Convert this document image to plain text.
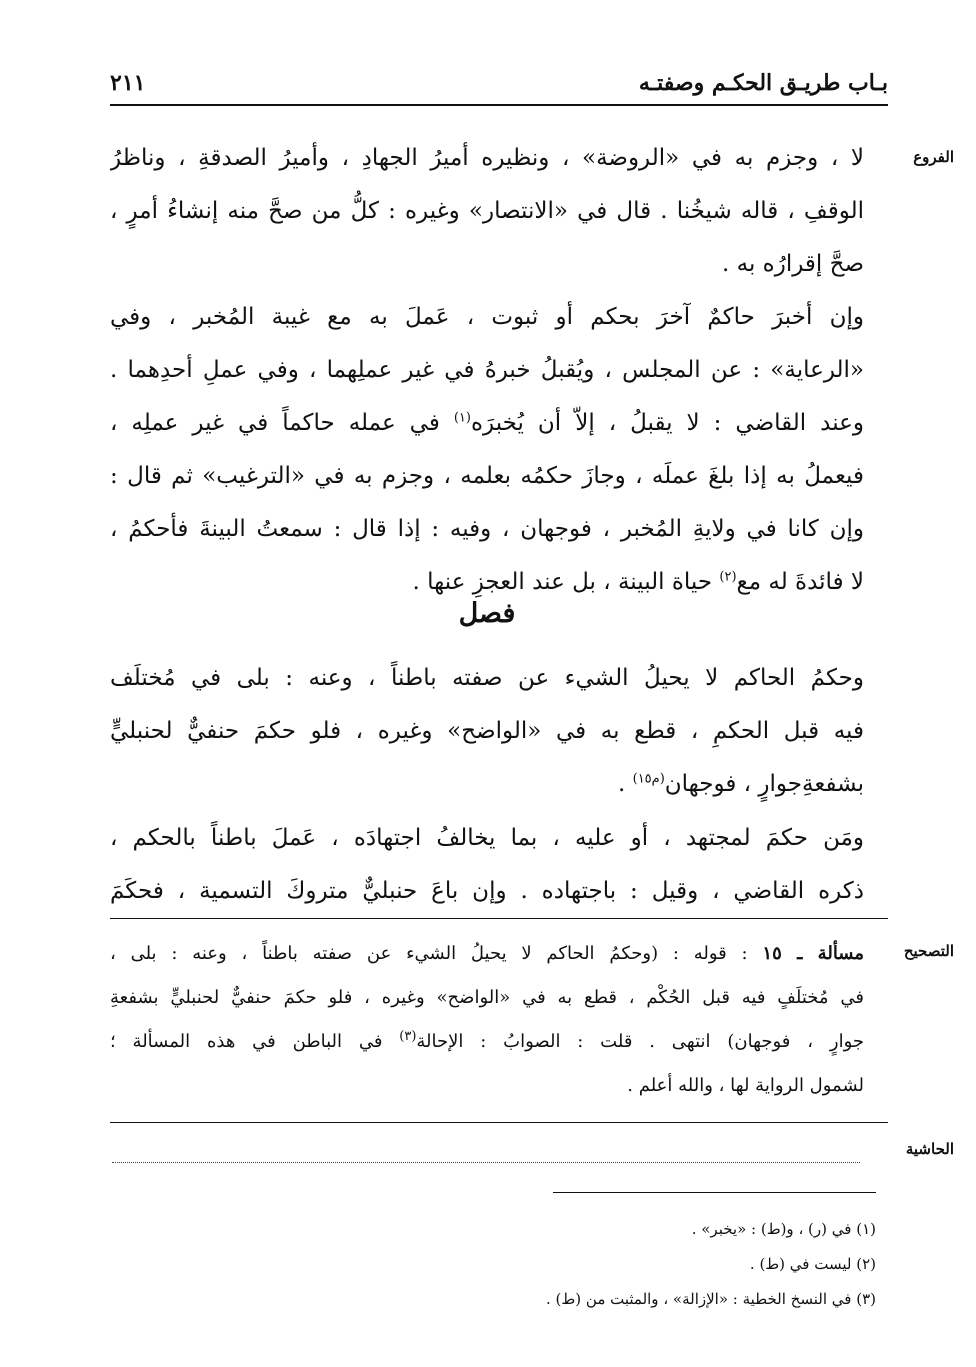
بـاب طريـق الحكـم وصفتـه
٢١١
الفروع
لا ، وجزم به في «الروضة» ، ونظيره أميرُ الجهادِ ، وأميرُ الصدقةِ ، وناظرُ
الوقفِ ، قاله شيخُنا . قال في «الانتصار» وغيره : كلُّ من صحَّ منه إنشاءُ أمرٍ ،
صحَّ إقرارُه به .
وإن أخبرَ حاكمٌ آخرَ بحكم أو ثبوت ، عَملَ به مع غيبة المُخبر ، وفي
«الرعاية» : عن المجلس ، ويُقبلُ خبرهُ في غير عملِهما ، وفي عملِ أحدِهما .
وعند القاضي : لا يقبلُ ، إلاّ أن يُخبرَه$^{(١)}$ في عمله حاكماً في غير عملِه ،
فيعملُ به إذا بلغَ عملَه ، وجازَ حكمُه بعلمه ، وجزم به في «الترغيب» ثم قال :
وإن كانا في ولايةِ المُخبر ، فوجهان ، وفيه : إذا قال : سمعتُ البينةَ فأحكمُ ،
لا فائدةَ له مع$^{(٢)}$ حياة البينة ، بل عند العجزِ عنها .
فصل
وحكمُ الحاكم لا يحيلُ الشيء عن صفته باطناً ، وعنه : بلى في مُختلَف
فيه قبل الحكمِ ، قطع به في «الواضح» وغيره ، فلو حكمَ حنفيٌّ لحنبليٍّ
بشفعةِجوارٍ ، فوجهان$^{(م١٥)}$ .
ومَن حكمَ لمجتهد ، أو عليه ، بما يخالفُ اجتهادَه ، عَملَ باطناً بالحكم ،
ذكره القاضي ، وقيل : باجتهاده . وإن باعَ حنبليٌّ متروكَ التسمية ، فحكَمَ
التصحيح
مسألة ـ ١٥ : قوله : (وحكمُ الحاكم لا يحيلُ الشيء عن صفته باطناً ، وعنه : بلى ،
في مُختلَفٍ فيه قبل الحُكْم ، قطع به في «الواضح» وغيره ، فلو حكمَ حنفيٌّ لحنبليٍّ بشفعةِ
جوارٍ ، فوجهان) انتهى . قلت : الصوابُ : الإحالة$^{(٣)}$ في الباطن في هذه المسألة ؛
لشمول الرواية لها ، والله أعلم .
الحاشية
(١) في (ر) ، و(ط) : «يخبر» .
(٢) ليست في (ط) .
(٣) في النسخ الخطية : «الإزالة» ، والمثبت من (ط) .
